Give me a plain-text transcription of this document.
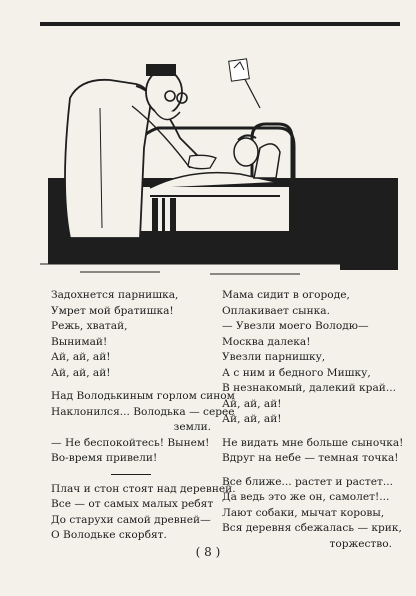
Задохнется парнишка,
Умрет мой братишка!
Режь, хватай,
Вынимай!
Ай, ай, ай!
Ай, ай, ай!
Над Володькиным горлом сином
Наклонился... Володька — серее
земли.
— Не беспокойтесь! Вынем!
Во-время привели!
Плач и стон стоят над деревней.
Все — от самых малых ребят
До старухи самой древней—
О Володьке скорбят.
Мама сидит в огороде,
Оплакивает сынка.
— Увезли моего Володю—
Москва далека!
Увезли парнишку,
А с ним и бедного Мишку,
В незнакомый, далекий край...
Ай, ай, ай!
Ай, ай, ай!
Не видать мне больше сыночка!
Вдруг на небе — темная точка!
Все ближе... растет и растет...
Да ведь это же он, самолет!...
Лают собаки, мычат коровы,
Вся деревня сбежалась — крик,
торжество.
( 8 )
